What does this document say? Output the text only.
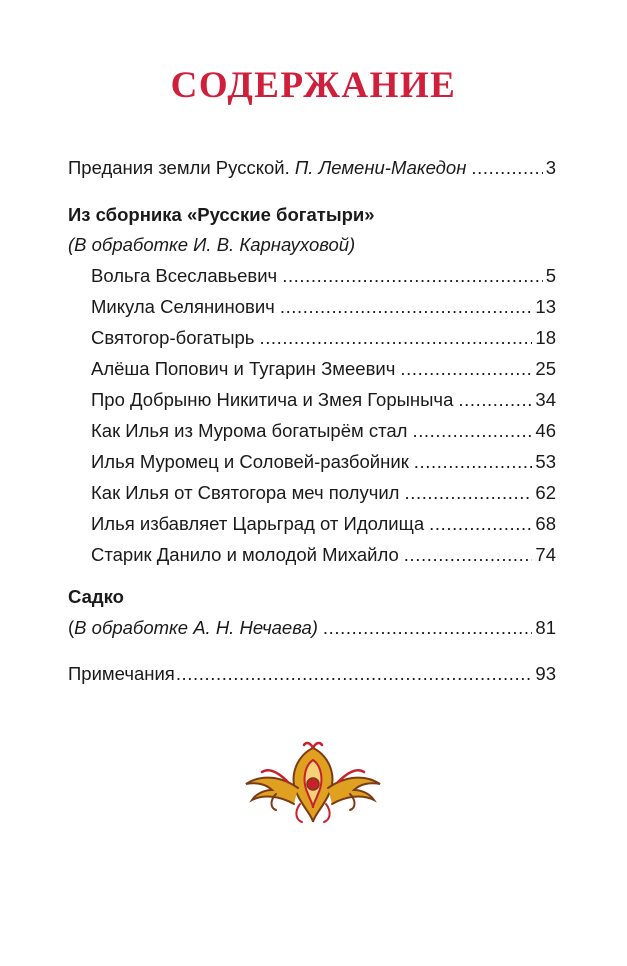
СОДЕРЖАНИЕ
Предания земли Русской. П. Лемени-Македон .....	3
Из сборника «Русские богатыри»
(В обработке И. В. Карнауховой)
Вольга Всеславьевич .....	5
Микула Селянинович .....	13
Святогор-богатырь .....	18
Алёша Попович и Тугарин Змеевич .....	25
Про Добрыню Никитича и Змея Горыныча .....	34
Как Илья из Мурома богатырём стал .....	46
Илья Муромец и Соловей-разбойник .....	53
Как Илья от Святогора меч получил .....	62
Илья избавляет Царьград от Идолища .....	68
Старик Данило и молодой Михайло .....	74
Садко
(В обработке А. Н. Нечаева) .....	81
Примечания .....	93
